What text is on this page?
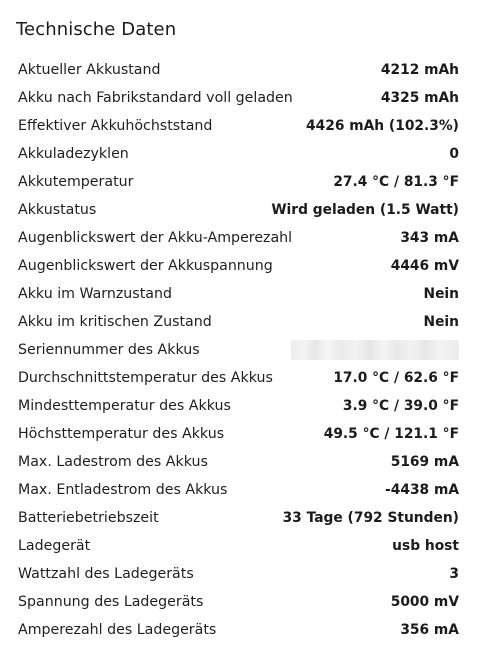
Technische Daten
Aktueller Akkustand	4212 mAh
Akku nach Fabrikstandard voll geladen	4325 mAh
Effektiver Akkuhöchststand	4426 mAh (102.3%)
Akkuladezyklen	0
Akkutemperatur	27.4 °C / 81.3 °F
Akkustatus	Wird geladen (1.5 Watt)
Augenblickswert der Akku-Amperezahl	343 mA
Augenblickswert der Akkuspannung	4446 mV
Akku im Warnzustand	Nein
Akku im kritischen Zustand	Nein
Seriennummer des Akkus
Durchschnittstemperatur des Akkus	17.0 °C / 62.6 °F
Mindesttemperatur des Akkus	3.9 °C / 39.0 °F
Höchsttemperatur des Akkus	49.5 °C / 121.1 °F
Max. Ladestrom des Akkus	5169 mA
Max. Entladestrom des Akkus	-4438 mA
Batteriebetriebszeit	33 Tage (792 Stunden)
Ladegerät	usb host
Wattzahl des Ladegeräts	3
Spannung des Ladegeräts	5000 mV
Amperezahl des Ladegeräts	356 mA
